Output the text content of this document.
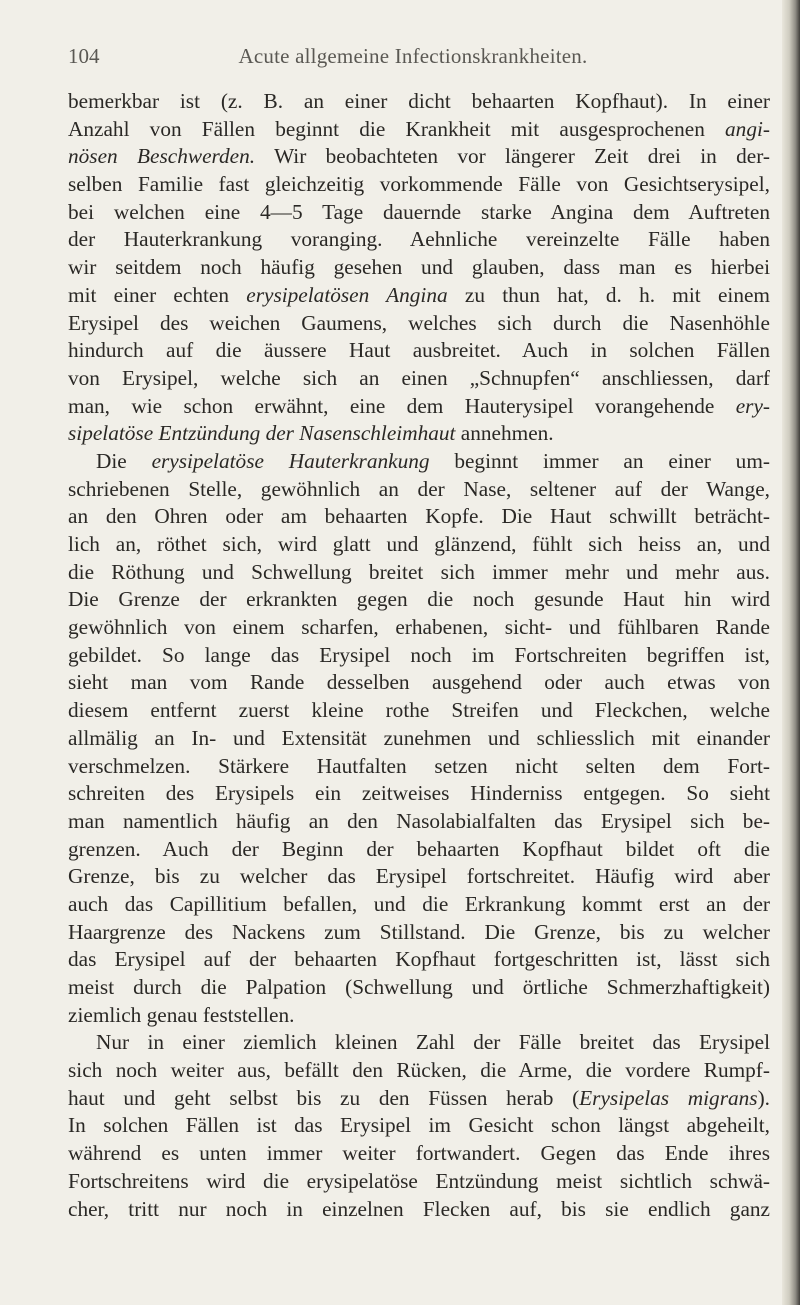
104	Acute allgemeine Infectionskrankheiten.
bemerkbar ist (z. B. an einer dicht behaarten Kopfhaut). In einer
Anzahl von Fällen beginnt die Krankheit mit ausgesprochenen angi-
nösen Beschwerden. Wir beobachteten vor längerer Zeit drei in der-
selben Familie fast gleichzeitig vorkommende Fälle von Gesichtserysipel,
bei welchen eine 4—5 Tage dauernde starke Angina dem Auftreten
der Hauterkrankung voranging. Aehnliche vereinzelte Fälle haben
wir seitdem noch häufig gesehen und glauben, dass man es hierbei
mit einer echten erysipelatösen Angina zu thun hat, d. h. mit einem
Erysipel des weichen Gaumens, welches sich durch die Nasenhöhle
hindurch auf die äussere Haut ausbreitet. Auch in solchen Fällen
von Erysipel, welche sich an einen „Schnupfen“ anschliessen, darf
man, wie schon erwähnt, eine dem Hauterysipel vorangehende ery-
sipelatöse Entzündung der Nasenschleimhaut annehmen.
Die erysipelatöse Hauterkrankung beginnt immer an einer um-
schriebenen Stelle, gewöhnlich an der Nase, seltener auf der Wange,
an den Ohren oder am behaarten Kopfe. Die Haut schwillt beträcht-
lich an, röthet sich, wird glatt und glänzend, fühlt sich heiss an, und
die Röthung und Schwellung breitet sich immer mehr und mehr aus.
Die Grenze der erkrankten gegen die noch gesunde Haut hin wird
gewöhnlich von einem scharfen, erhabenen, sicht- und fühlbaren Rande
gebildet. So lange das Erysipel noch im Fortschreiten begriffen ist,
sieht man vom Rande desselben ausgehend oder auch etwas von
diesem entfernt zuerst kleine rothe Streifen und Fleckchen, welche
allmälig an In- und Extensität zunehmen und schliesslich mit einander
verschmelzen. Stärkere Hautfalten setzen nicht selten dem Fort-
schreiten des Erysipels ein zeitweises Hinderniss entgegen. So sieht
man namentlich häufig an den Nasolabialfalten das Erysipel sich be-
grenzen. Auch der Beginn der behaarten Kopfhaut bildet oft die
Grenze, bis zu welcher das Erysipel fortschreitet. Häufig wird aber
auch das Capillitium befallen, und die Erkrankung kommt erst an der
Haargrenze des Nackens zum Stillstand. Die Grenze, bis zu welcher
das Erysipel auf der behaarten Kopfhaut fortgeschritten ist, lässt sich
meist durch die Palpation (Schwellung und örtliche Schmerzhaftigkeit)
ziemlich genau feststellen.
Nur in einer ziemlich kleinen Zahl der Fälle breitet das Erysipel
sich noch weiter aus, befällt den Rücken, die Arme, die vordere Rumpf-
haut und geht selbst bis zu den Füssen herab (Erysipelas migrans).
In solchen Fällen ist das Erysipel im Gesicht schon längst abgeheilt,
während es unten immer weiter fortwandert. Gegen das Ende ihres
Fortschreitens wird die erysipelatöse Entzündung meist sichtlich schwä-
cher, tritt nur noch in einzelnen Flecken auf, bis sie endlich ganz
